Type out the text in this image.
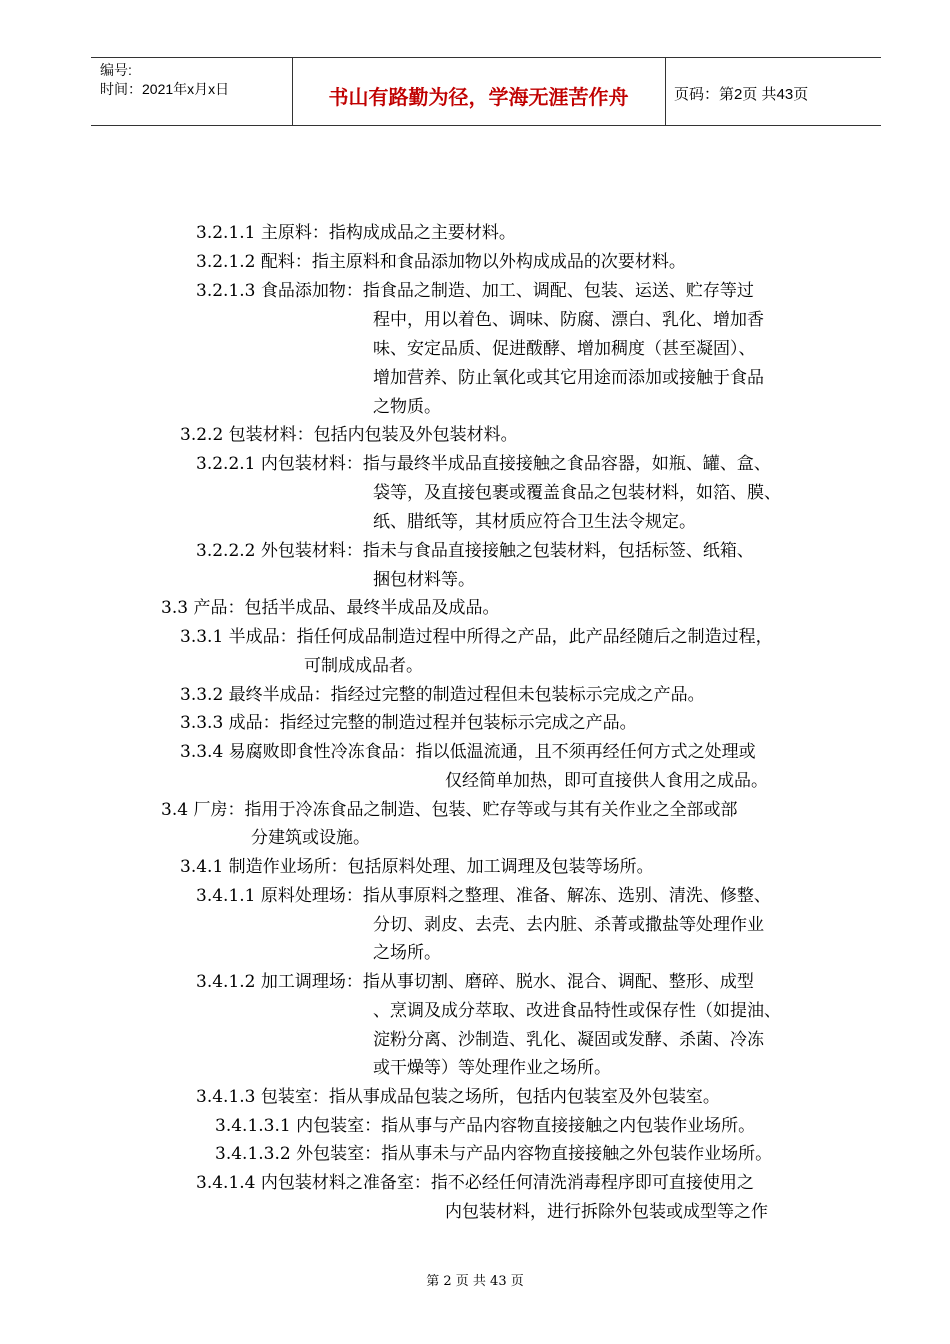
编号:
时间：2021年x月x日	书山有路勤为径，学海无涯苦作舟	页码：第2页 共43页
3.2.1.1 主原料：指构成成品之主要材料。
3.2.1.2 配料：指主原料和食品添加物以外构成成品的次要材料。
3.2.1.3 食品添加物：指食品之制造、加工、调配、包装、运送、贮存等过
程中，用以着色、调味、防腐、漂白、乳化、增加香
味、安定品质、促进酦酵、增加稠度（甚至凝固）、
增加营养、防止氧化或其它用途而添加或接触于食品
之物质。
3.2.2 包装材料：包括内包装及外包装材料。
3.2.2.1 内包装材料：指与最终半成品直接接触之食品容器，如瓶、罐、盒、
袋等，及直接包裹或覆盖食品之包装材料，如箔、膜、
纸、腊纸等，其材质应符合卫生法令规定。
3.2.2.2 外包装材料：指未与食品直接接触之包装材料，包括标签、纸箱、
捆包材料等。
3.3 产品：包括半成品、最终半成品及成品。
3.3.1 半成品：指任何成品制造过程中所得之产品，此产品经随后之制造过程，
可制成成品者。
3.3.2 最终半成品：指经过完整的制造过程但未包装标示完成之产品。
3.3.3 成品：指经过完整的制造过程并包装标示完成之产品。
3.3.4 易腐败即食性冷冻食品：指以低温流通，且不须再经任何方式之处理或
仅经简单加热，即可直接供人食用之成品。
3.4 厂房：指用于冷冻食品之制造、包装、贮存等或与其有关作业之全部或部
分建筑或设施。
3.4.1 制造作业场所：包括原料处理、加工调理及包装等场所。
3.4.1.1 原料处理场：指从事原料之整理、准备、解冻、选别、清洗、修整、
分切、剥皮、去壳、去内脏、杀菁或撒盐等处理作业
之场所。
3.4.1.2 加工调理场：指从事切割、磨碎、脱水、混合、调配、整形、成型
、烹调及成分萃取、改进食品特性或保存性（如提油、
淀粉分离、沙制造、乳化、凝固或发酵、杀菌、冷冻
或干燥等）等处理作业之场所。
3.4.1.3 包装室：指从事成品包装之场所，包括内包装室及外包装室。
3.4.1.3.1 内包装室：指从事与产品内容物直接接触之内包装作业场所。
3.4.1.3.2 外包装室：指从事未与产品内容物直接接触之外包装作业场所。
3.4.1.4 内包装材料之准备室：指不必经任何清洗消毒程序即可直接使用之
内包装材料，进行拆除外包装或成型等之作
第 2 页 共 43 页
